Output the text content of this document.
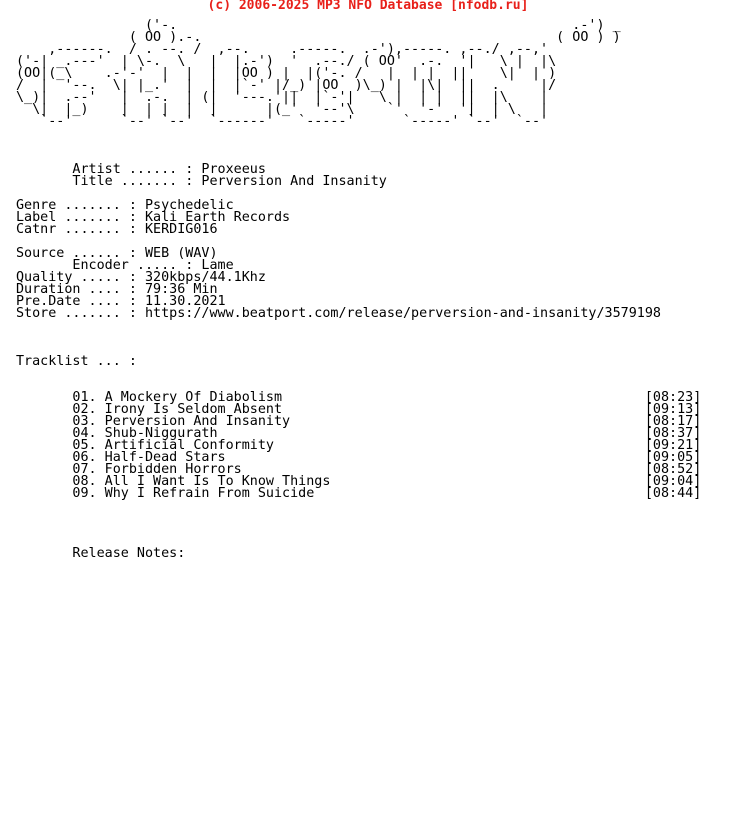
(c) 2006-2025 MP3 NFO Database [nfodb.ru]
('-.                                                 .-') _
( OO ).-.                                            ( OO ) )
,------.  / . --. /  ,--.     .-----.  .-'),-----. ,--./ ,--,'
('-| _.---'  | \-.  \   |  |.-')  '  .--./ ( OO'  .-.  '|   \ |  |\
(OO|(_\    .-'-'  |  |  |  |OO ) |  |('-. /   |  | |  ||    \|  | )
/  |  '--.  \| |_.'  |  |  |`-' |/_) |OO  )\_) |  |\|  ||  .     |/
\_)|  .--'   |  .-.  | (|  '---.'||  |`-'|   \ |  | |  ||  |\    |
\|  |_)    |  | |  |  |      |(_'  '--'\    `'  '-'  '|  | \   |
`--'      `--' `--'  `------'   `-----'      `-----' `--'  `--'

Artist ...... : Proxeeus
Title ....... : Perversion And Insanity

Genre ....... : Psychedelic
Label ....... : Kali Earth Records
Catnr ....... : KERDIG016

Source ...... : WEB (WAV)
Encoder ..... : Lame
Quality ..... : 320kbps/44.1Khz
Duration .... : 79:36 Min
Pre.Date .... : 11.30.2021
Store ....... : https://www.beatport.com/release/perversion-and-insanity/3579198

Tracklist ... :

01. A Mockery Of Diabolism                                             [08:23]
02. Irony Is Seldom Absent                                             [09:13]
03. Perversion And Insanity                                            [08:17]
04. Shub-Niggurath                                                     [08:37]
05. Artificial Conformity                                              [09:21]
06. Half-Dead Stars                                                    [09:05]
07. Forbidden Horrors                                                  [08:52]
08. All I Want Is To Know Things                                       [09:04]
09. Why I Refrain From Suicide                                         [08:44]

Release Notes:
